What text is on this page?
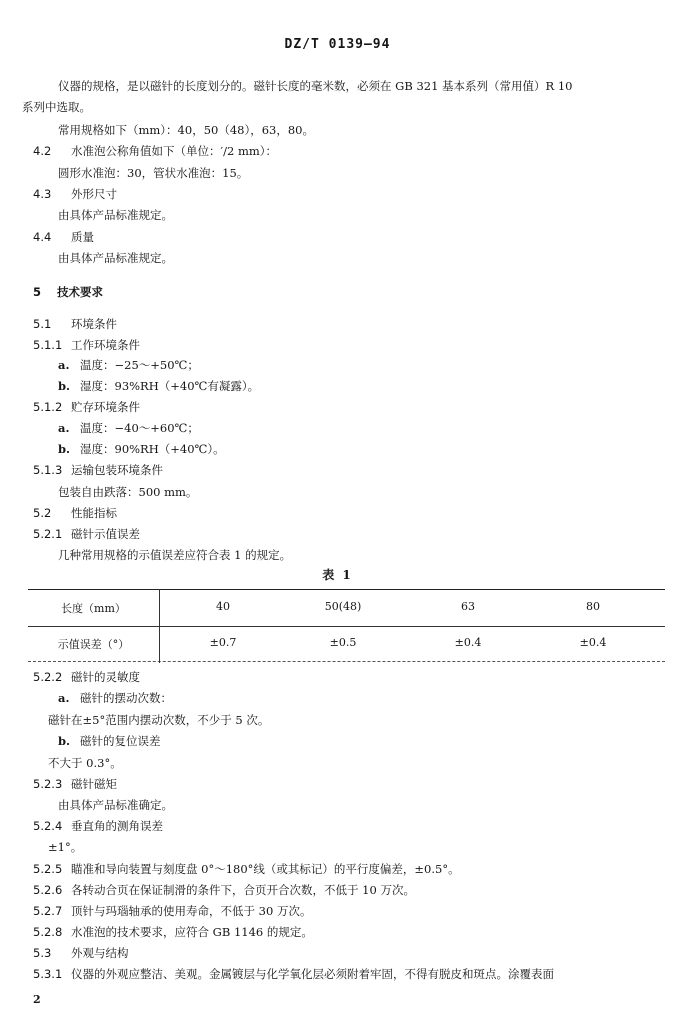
DZ/T 0139—94
仪器的规格，是以磁针的长度划分的。磁针长度的毫米数，必须在 GB 321 基本系列（常用值）R 10
系列中选取。
常用规格如下（mm）：40，50（48），63，80。
4.2 水准泡公称角值如下（单位：′/2 mm）：
圆形水准泡：30，管状水准泡：15。
4.3 外形尺寸
由具体产品标准规定。
4.4 质量
由具体产品标准规定。
5 技术要求
5.1 环境条件
5.1.1 工作环境条件
a. 温度：−25～+50℃；
b. 湿度：93%RH（+40℃有凝露）。
5.1.2 贮存环境条件
a. 温度：−40～+60℃；
b. 湿度：90%RH（+40℃）。
5.1.3 运输包装环境条件
包装自由跌落：500 mm。
5.2 性能指标
5.2.1 磁针示值误差
几种常用规格的示值误差应符合表 1 的规定。
表 1
长度（mm）	40	50(48)	63	80
示值误差（°）	±0.7	±0.5	±0.4	±0.4
5.2.2 磁针的灵敏度
a. 磁针的摆动次数：
磁针在±5°范围内摆动次数，不少于 5 次。
b. 磁针的复位误差
不大于 0.3°。
5.2.3 磁针磁矩
由具体产品标准确定。
5.2.4 垂直角的测角误差
±1°。
5.2.5 瞄准和导向装置与刻度盘 0°～180°线（或其标记）的平行度偏差，±0.5°。
5.2.6 各转动合页在保证制滑的条件下，合页开合次数，不低于 10 万次。
5.2.7 顶针与玛瑙轴承的使用寿命，不低于 30 万次。
5.2.8 水准泡的技术要求，应符合 GB 1146 的规定。
5.3 外观与结构
5.3.1 仪器的外观应整洁、美观。金属镀层与化学氧化层必须附着牢固，不得有脱皮和斑点。涂覆表面
2
